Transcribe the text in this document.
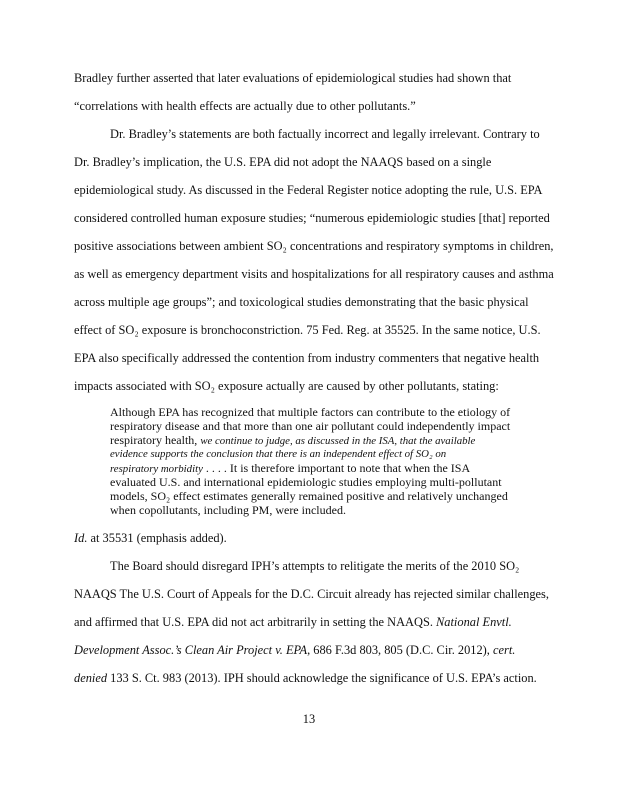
Bradley further asserted that later evaluations of epidemiological studies had shown that
“correlations with health effects are actually due to other pollutants.”
Dr. Bradley’s statements are both factually incorrect and legally irrelevant. Contrary to
Dr. Bradley’s implication, the U.S. EPA did not adopt the NAAQS based on a single
epidemiological study. As discussed in the Federal Register notice adopting the rule, U.S. EPA
considered controlled human exposure studies; “numerous epidemiologic studies [that] reported
positive associations between ambient SO₂ concentrations and respiratory symptoms in children,
as well as emergency department visits and hospitalizations for all respiratory causes and asthma
across multiple age groups”; and toxicological studies demonstrating that the basic physical
effect of SO₂ exposure is bronchoconstriction. 75 Fed. Reg. at 35525. In the same notice, U.S.
EPA also specifically addressed the contention from industry commenters that negative health
impacts associated with SO₂ exposure actually are caused by other pollutants, stating:
Although EPA has recognized that multiple factors can contribute to the etiology of
respiratory disease and that more than one air pollutant could independently impact
respiratory health, we continue to judge, as discussed in the ISA, that the available
evidence supports the conclusion that there is an independent effect of SO₂ on
respiratory morbidity . . . . It is therefore important to note that when the ISA
evaluated U.S. and international epidemiologic studies employing multi-pollutant
models, SO₂ effect estimates generally remained positive and relatively unchanged
when copollutants, including PM, were included.
Id. at 35531 (emphasis added).
The Board should disregard IPH’s attempts to relitigate the merits of the 2010 SO₂
NAAQS The U.S. Court of Appeals for the D.C. Circuit already has rejected similar challenges,
and affirmed that U.S. EPA did not act arbitrarily in setting the NAAQS. National Envtl.
Development Assoc.’s Clean Air Project v. EPA, 686 F.3d 803, 805 (D.C. Cir. 2012), cert.
denied 133 S. Ct. 983 (2013). IPH should acknowledge the significance of U.S. EPA’s action.
13
